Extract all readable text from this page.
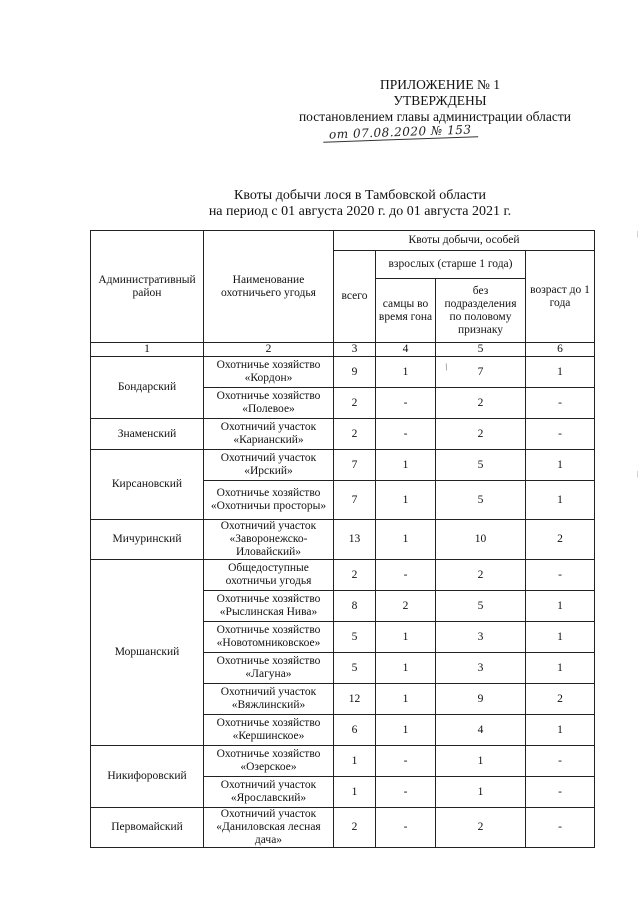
ПРИЛОЖЕНИЕ № 1
УТВЕРЖДЕНЫ
постановлением главы администрации области
от 07.08.2020 № 153
Квоты добычи лося в Тамбовской области
на период с 01 августа 2020 г. до 01 августа 2021 г.
Административный район	Наименование охотничьего угодья	Квоты добычи, особей			
		всего	взрослых (старше 1 года)		возраст до 1 года
			самцы во время гона	без подразделения по половому признаку	
1	2	3	4	5	6
Бондарский	Охотничье хозяйство «Кордон»	9	1	7	1
	Охотничье хозяйство «Полевое»	2	-	2	-
Знаменский	Охотничий участок «Карианский»	2	-	2	-
Кирсановский	Охотничий участок «Ирский»	7	1	5	1
	Охотничье хозяйство «Охотничьи просторы»	7	1	5	1
Мичуринский	Охотничий участок «Заворонежско-Иловайский»	13	1	10	2
Моршанский	Общедоступные охотничьи угодья	2	-	2	-
	Охотничье хозяйство «Рыслинская Нива»	8	2	5	1
	Охотничье хозяйство «Новотомниковское»	5	1	3	1
	Охотничье хозяйство «Лагуна»	5	1	3	1
	Охотничий участок «Вяжлинский»	12	1	9	2
	Охотничье хозяйство «Кершинское»	6	1	4	1
Никифоровский	Охотничье хозяйство «Озерское»	1	-	1	-
	Охотничий участок «Ярославский»	1	-	1	-
Первомайский	Охотничий участок «Даниловская лесная дача»	2	-	2	-
/
|
|
